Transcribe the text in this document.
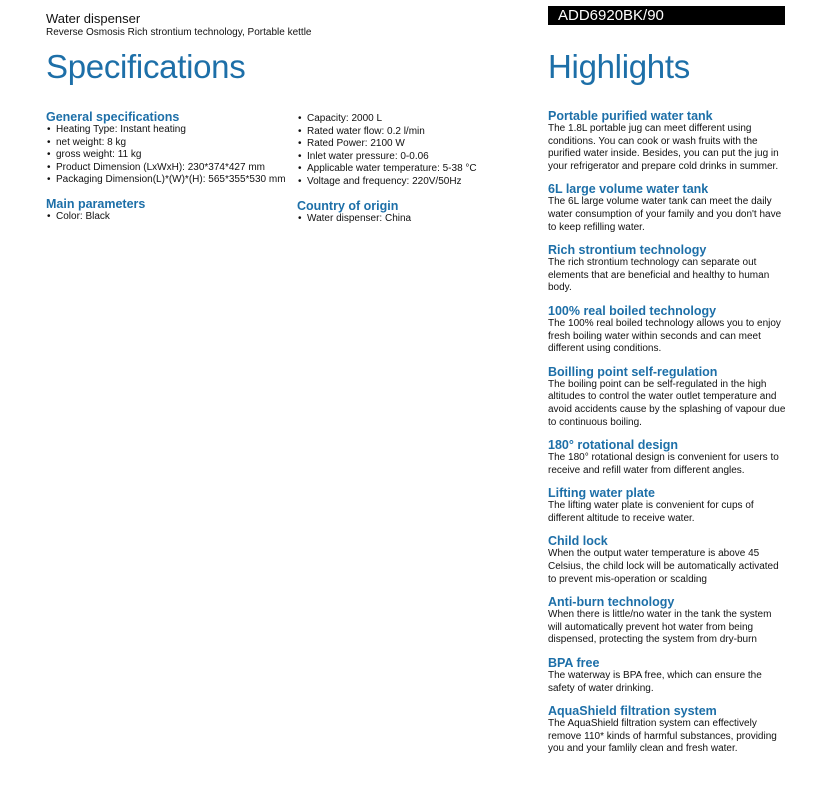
Water dispenser
Reverse Osmosis Rich strontium technology, Portable kettle
ADD6920BK/90
Specifications	Highlights
General specifications
• Heating Type: Instant heating
• net weight: 8 kg
• gross weight: 11 kg
• Product Dimension (LxWxH): 230*374*427 mm
• Packaging Dimension(L)*(W)*(H): 565*355*530 mm
Main parameters
• Color: Black
• Capacity: 2000 L
• Rated water flow: 0.2 l/min
• Rated Power: 2100 W
• Inlet water pressure: 0-0.06
• Applicable water temperature: 5-38 °C
• Voltage and frequency: 220V/50Hz
Country of origin
• Water dispenser: China
Portable purified water tank
The 1.8L portable jug can meet different using conditions. You can cook or wash fruits with the purified water inside. Besides, you can put the jug in your refrigerator and prepare cold drinks in summer.
6L large volume water tank
The 6L large volume water tank can meet the daily water consumption of your family and you don't have to keep refilling water.
Rich strontium technology
The rich strontium technology can separate out elements that are beneficial and healthy to human body.
100% real boiled technology
The 100% real boiled technology allows you to enjoy fresh boiling water within seconds and can meet different using conditions.
Boilling point self-regulation
The boiling point can be self-regulated in the high altitudes to control the water outlet temperature and avoid accidents cause by the splashing of vapour due to continuous boiling.
180° rotational design
The 180° rotational design is convenient for users to receive and refill water from different angles.
Lifting water plate
The lifting water plate is convenient for cups of different altitude to receive water.
Child lock
When the output water temperature is above 45 Celsius, the child lock will be automatically activated to prevent mis-operation or scalding
Anti-burn technology
When there is little/no water in the tank the system will automatically prevent hot water from being dispensed, protecting the system from dry-burn
BPA free
The waterway is BPA free, which can ensure the safety of water drinking.
AquaShield filtration system
The AquaShield filtration system can effectively remove 110* kinds of harmful substances, providing you and your famlily clean and fresh water.
